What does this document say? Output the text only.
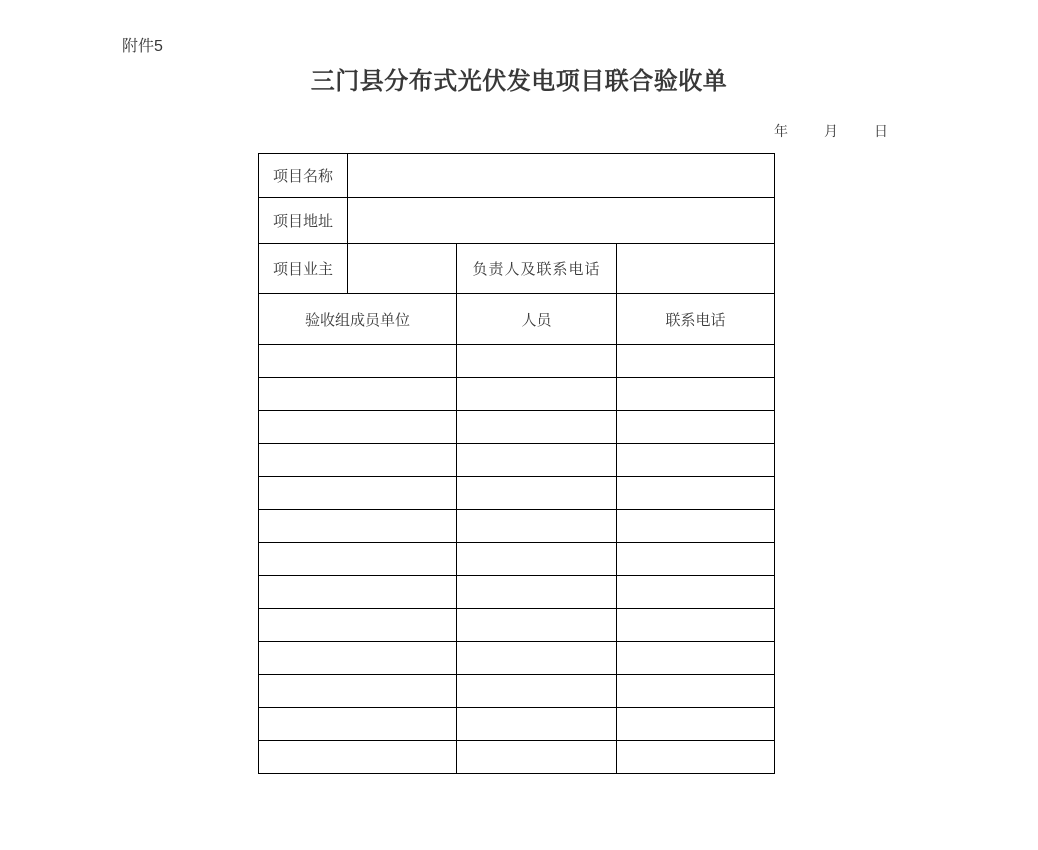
附件5
三门县分布式光伏发电项目联合验收单
年	月	日
项目名称			
项目地址			
项目业主		负责人及联系电话	
验收组成员单位		人员	联系电话
